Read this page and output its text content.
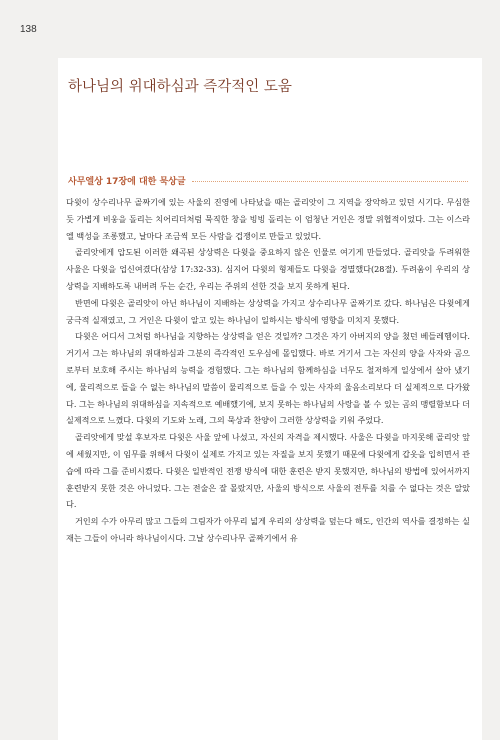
138
하나님의 위대하심과 즉각적인 도움
사무엘상 17장에 대한 묵상글

다윗이 상수리나무 골짜기에 있는 사울의 진영에 나타났을 때는 골리앗이 그 지역을 장악하고 있던 시기다. 무심한 듯 가볍게 비웅을 돌리는 치어리더처럼 묵직한 창을 빙빙 돌리는 이 엄청난 거인은 정말 위협적이었다. 그는 이스라엘 백성을 조롱했고, 날마다 조금씩 모든 사람을 겁쟁이로 만들고 있었다.

골리앗에게 압도된 이러한 왜곡된 상상력은 다윗을 중요하지 않은 인물로 여기게 만들었다. 골리앗을 두려워한 사울은 다윗을 업신여겼다(삼상 17:32-33). 심지어 다윗의 형제들도 다윗을 경멸했다(28절). 두려움이 우리의 상상력을 지배하도록 내버려 두는 순간, 우리는 주위의 선한 것을 보지 못하게 된다.

반면에 다윗은 골리앗이 아닌 하나님이 지배하는 상상력을 가지고 상수리나무 골짜기로 갔다. 하나님은 다윗에게 궁극적 실재였고, 그 거인은 다윗이 알고 있는 하나님이 일하시는 방식에 영향을 미치지 못했다.

다윗은 어디서 그처럼 하나님을 지향하는 상상력을 얻은 것일까? 그것은 자기 아버지의 양을 쳤던 베들레헴이다. 거기서 그는 하나님의 위대하심과 그분의 즉각적인 도우심에 몰입했다. 바로 거기서 그는 자신의 양을 사자와 곰으로부터 보호해 주시는 하나님의 능력을 경험했다. 그는 하나님의 함께하심을 너무도 철저하게 일상에서 살아 냈기에, 물리적으로 들을 수 없는 하나님의 말씀이 물리적으로 들을 수 있는 사자의 울음소리보다 더 실제적으로 다가왔다. 그는 하나님의 위대하심을 지속적으로 예배했기에, 보지 못하는 하나님의 사랑을 볼 수 있는 곰의 맹렬함보다 더 실제적으로 느꼈다. 다윗의 기도와 노래, 그의 묵상과 찬양이 그러한 상상력을 키워 주었다.

골리앗에게 맞설 후보자로 다윗은 사울 앞에 나섰고, 자신의 자격을 제시했다. 사울은 다윗을 마지못해 골리앗 앞에 세웠지만, 이 임무를 위해서 다윗이 실제로 가지고 있는 자질을 보지 못했기 때문에 다윗에게 갑옷을 입히면서 관습에 따라 그를 준비시켰다. 다윗은 일반적인 전쟁 방식에 대한 훈련은 받지 못했지만, 하나님의 방법에 있어서까지 훈련받지 못한 것은 아니었다. 그는 전술은 잘 몰랐지만, 사울의 방식으로 사울의 전투를 치를 수 없다는 것은 알았다.

거인의 수가 아무리 많고 그들의 그림자가 아무리 넓게 우리의 상상력을 덮는다 해도, 인간의 역사를 결정하는 실재는 그들이 아니라 하나님이시다. 그날 상수리나무 골짜기에서 유
